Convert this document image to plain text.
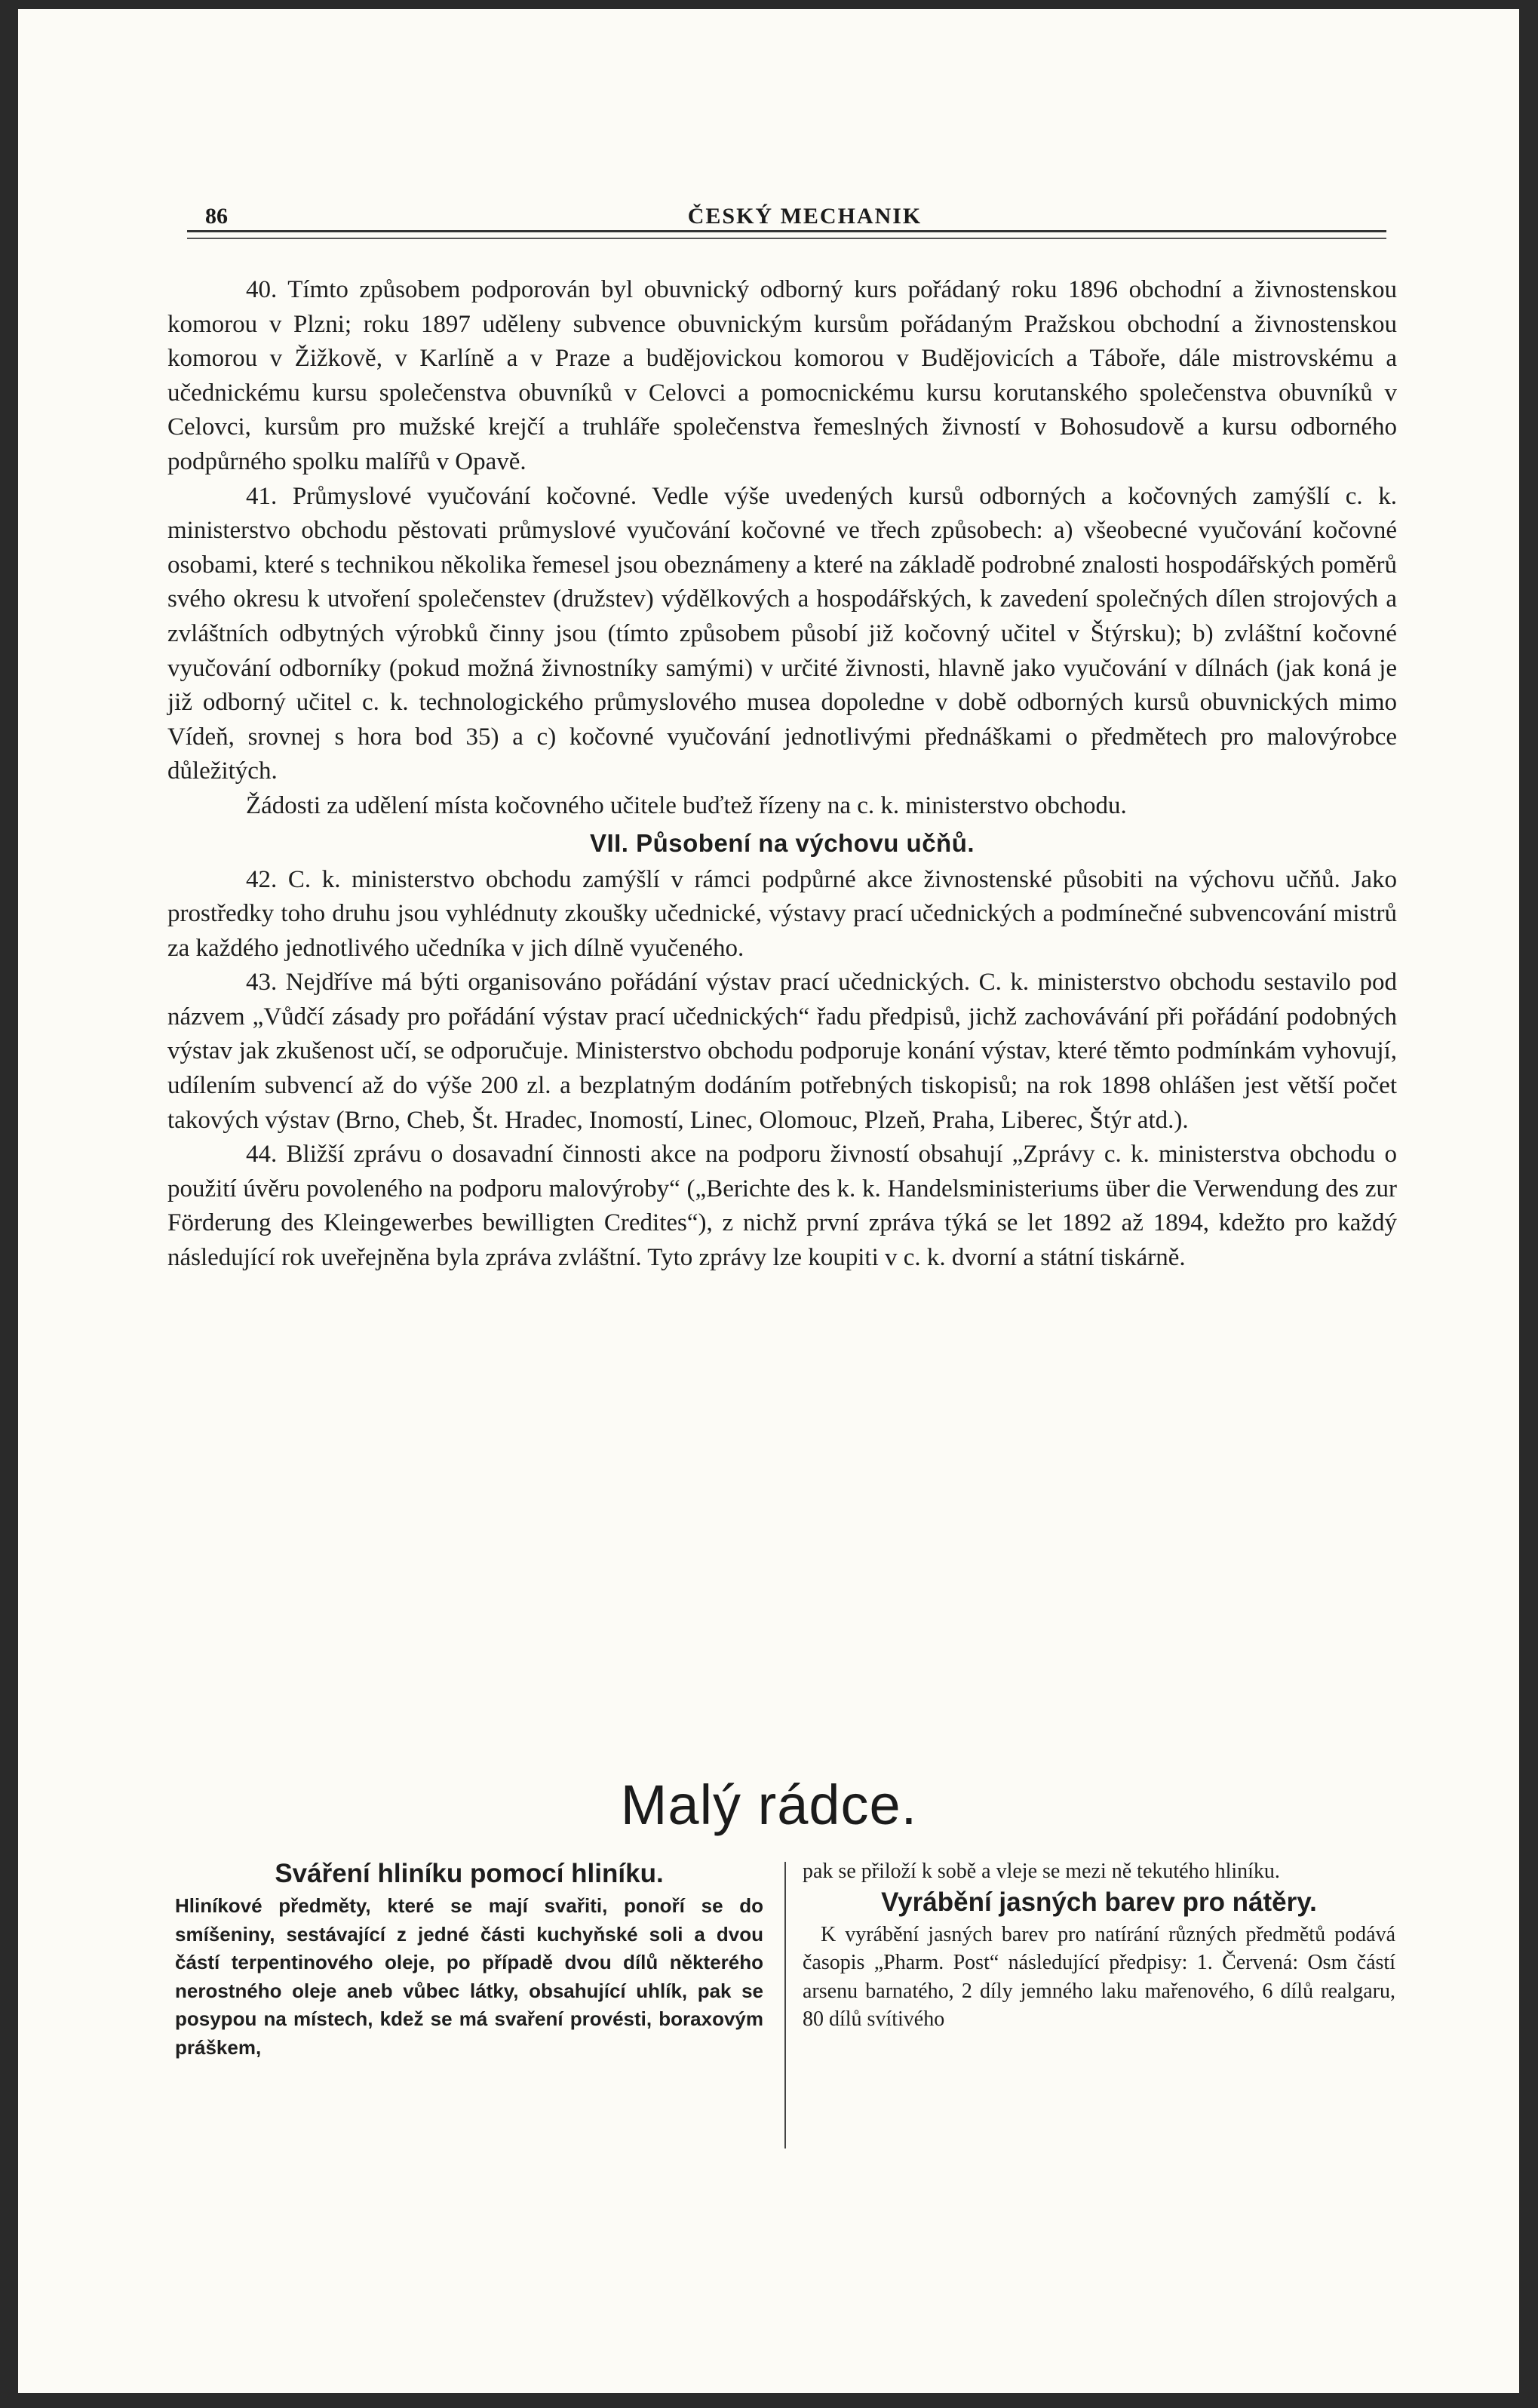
86	ČESKÝ MECHANIK

40. Tímto způsobem podporován byl obuvnický odborný kurs pořádaný roku 1896 obchodní a živnostenskou komorou v Plzni; roku 1897 uděleny subvence obuvnickým kursům pořádaným Pražskou obchodní a živnostenskou komorou v Žižkově, v Karlíně a v Praze a budějovickou komorou v Budějovicích a Táboře, dále mistrovskému a učednickému kursu společenstva obuvníků v Celovci a pomocnickému kursu korutanského společenstva obuvníků v Celovci, kursům pro mužské krejčí a truhláře společenstva řemeslných živností v Bohosudově a kursu odborného podpůrného spolku malířů v Opavě.

41. Průmyslové vyučování kočovné. Vedle výše uvedených kursů odborných a kočovných zamýšlí c. k. ministerstvo obchodu pěstovati průmyslové vyučování kočovné ve třech způsobech: a) všeobecné vyučování kočovné osobami, které s technikou několika řemesel jsou obeznámeny a které na základě podrobné znalosti hospodářských poměrů svého okresu k utvoření společenstev (družstev) výdělkových a hospodářských, k zavedení společných dílen strojových a zvláštních odbytných výrobků činny jsou (tímto způsobem působí již kočovný učitel v Štýrsku); b) zvláštní kočovné vyučování odborníky (pokud možná živnostníky samými) v určité živnosti, hlavně jako vyučování v dílnách (jak koná je již odborný učitel c. k. technologického průmyslového musea dopoledne v době odborných kursů obuvnických mimo Vídeň, srovnej s hora bod 35) a c) kočovné vyučování jednotlivými přednáškami o předmětech pro malovýrobce důležitých.

Žádosti za udělení místa kočovného učitele buďtež řízeny na c. k. ministerstvo obchodu.

VII. Působení na výchovu učňů.

42. C. k. ministerstvo obchodu zamýšlí v rámci podpůrné akce živnostenské působiti na výchovu učňů. Jako prostředky toho druhu jsou vyhlédnuty zkoušky učednické, výstavy prací učednických a podmínečné subvencování mistrů za každého jednotlivého učedníka v jich dílně vyučeného.

43. Nejdříve má býti organisováno pořádání výstav prací učednických. C. k. ministerstvo obchodu sestavilo pod názvem „Vůdčí zásady pro pořádání výstav prací učednických“ řadu předpisů, jichž zachovávání při pořádání podobných výstav jak zkušenost učí, se odporučuje. Ministerstvo obchodu podporuje konání výstav, které těmto podmínkám vyhovují, udílením subvencí až do výše 200 zl. a bezplatným dodáním potřebných tiskopisů; na rok 1898 ohlášen jest větší počet takových výstav (Brno, Cheb, Št. Hradec, Inomostí, Linec, Olomouc, Plzeň, Praha, Liberec, Štýr atd.).

44. Bližší zprávu o dosavadní činnosti akce na podporu živností obsahují „Zprávy c. k. ministerstva obchodu o použití úvěru povoleného na podporu malovýroby“ („Berichte des k. k. Handelsministeriums über die Verwendung des zur Förderung des Kleingewerbes bewilligten Credites“), z nichž první zpráva týká se let 1892 až 1894, kdežto pro každý následující rok uveřejněna byla zpráva zvláštní. Tyto zprávy lze koupiti v c. k. dvorní a státní tiskárně.

Malý rádce.
Sváření hliníku pomocí hliníku.

Hliníkové předměty, které se mají svařiti, ponoří se do smíšeniny, sestávající z jedné části kuchyňské soli a dvou částí terpentinového oleje, po případě dvou dílů některého nerostného oleje aneb vůbec látky, obsahující uhlík, pak se posypou na místech, kdež se má svaření provésti, boraxovým práškem,

pak se přiloží k sobě a vleje se mezi ně tekutého hliníku.

Vyrábění jasných barev pro nátěry.

K vyrábění jasných barev pro natírání různých předmětů podává časopis „Pharm. Post“ následující předpisy: 1. Červená: Osm částí arsenu barnatého, 2 díly jemného laku mařenového, 6 dílů realgaru, 80 dílů svítivého
